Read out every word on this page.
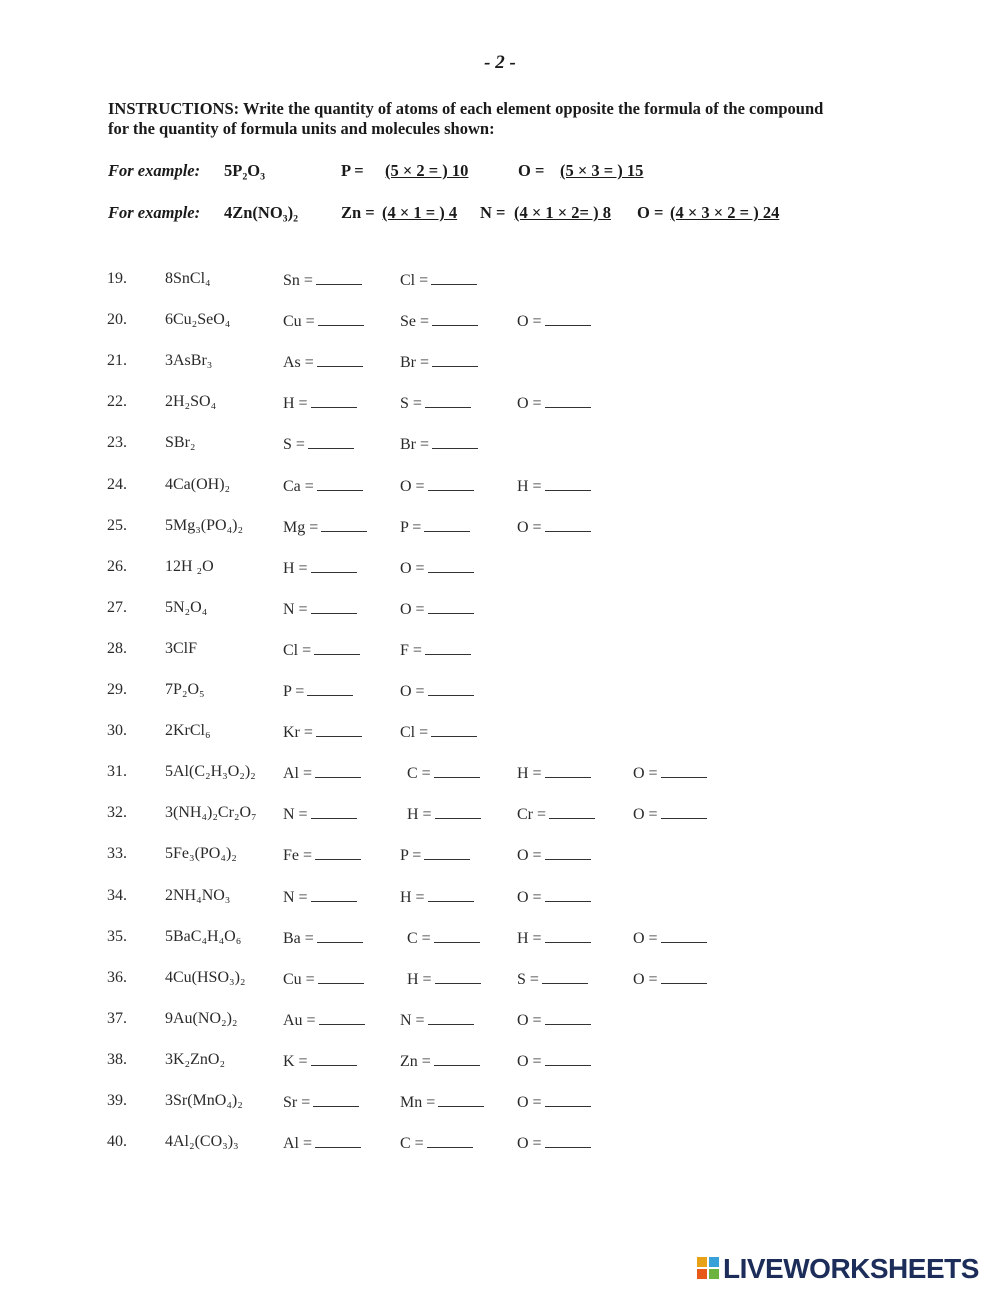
- 2 -
INSTRUCTIONS: Write the quantity of atoms of each element opposite the formula of the compound for the quantity of formula units and molecules shown:
For example: 5P₂O₃	P = (5 × 2 = ) 10	O = (5 × 3 = ) 15
For example: 4Zn(NO₃)₂	Zn = (4 × 1 = ) 4 N = (4 × 1 × 2= ) 8 O = (4 × 3 × 2 = ) 24
19. 8SnCl₄	Sn =	Cl =
20. 6Cu₂SeO₄	Cu =	Se =	O =
21. 3AsBr₃	As =	Br =
22. 2H₂SO₄	H =	S =	O =
23. SBr₂	S =	Br =
24. 4Ca(OH)₂	Ca =	O =	H =
25. 5Mg₃(PO₄)₂ Mg =	P =	O =
26. 12H ₂O	H =	O =
27. 5N₂O₄	N =	O =
28. 3ClF	Cl =	F =
29. 7P₂O₅	P =	O =
30. 2KrCl₆	Kr =	Cl =
31. 5Al(C₂H₃O₂)₂ Al =	C =	H =	O =
32. 3(NH₄)₂Cr₂O₇ N =	H =	Cr =	O =
33. 5Fe₃(PO₄)₂	Fe =	P =	O =
34. 2NH₄NO₃	N =	H =	O =
35. 5BaC₄H₄O₆	Ba =	C =	H =	O =
36. 4Cu(HSO₃)₂ Cu =	H =	S =	O =
37. 9Au(NO₂)₂	Au =	N =	O =
38. 3K₂ZnO₂	K =	Zn =	O =
39. 3Sr(MnO₄)₂	Sr =	Mn =	O =
40. 4Al₂(CO₃)₃	Al =	C =	O =
LIVEWORKSHEETS
